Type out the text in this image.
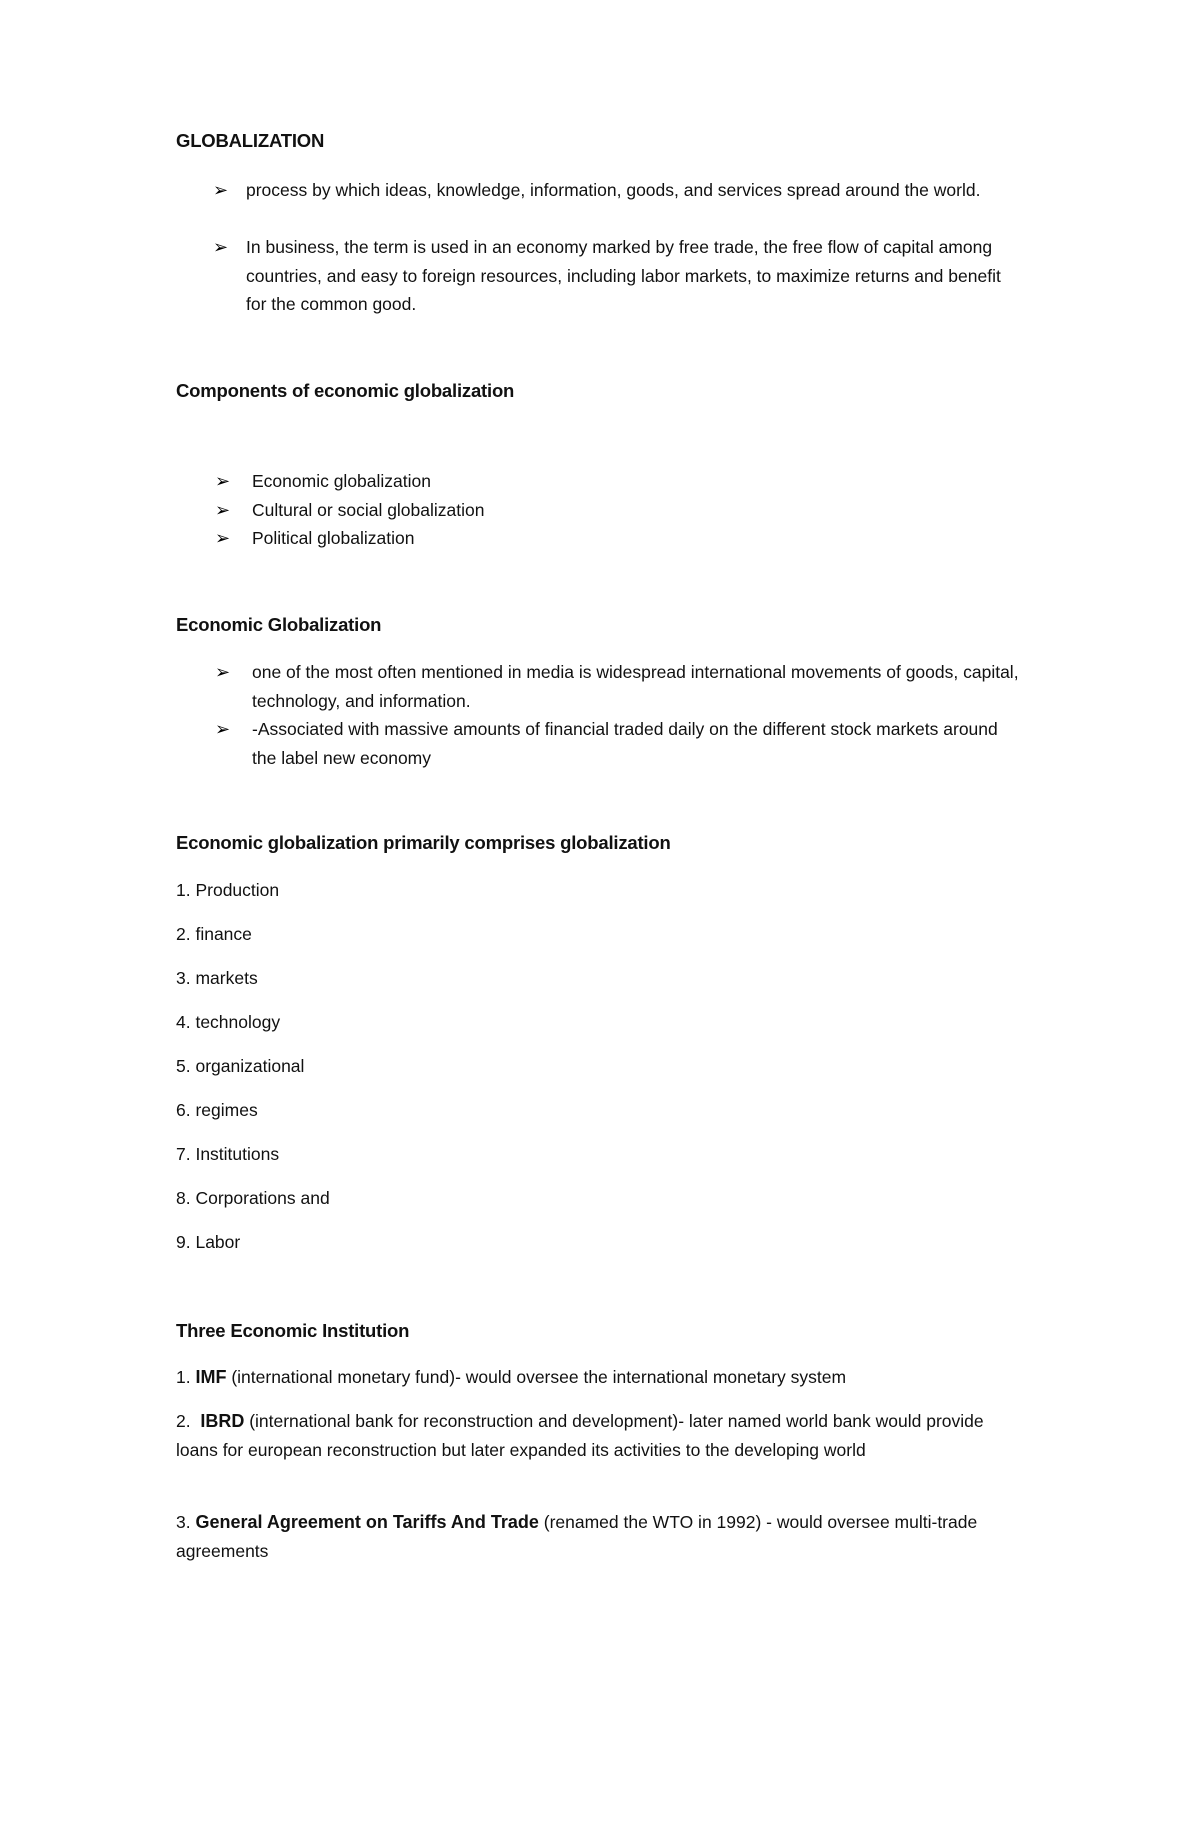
GLOBALIZATION
➢ process by which ideas, knowledge, information, goods, and services spread around the world.
➢ In business, the term is used in an economy marked by free trade, the free flow of capital among countries, and easy to foreign resources, including labor markets, to maximize returns and benefit for the common good.
Components of economic globalization
➢ Economic globalization
➢ Cultural or social globalization
➢ Political globalization
Economic Globalization
➢ one of the most often mentioned in media is widespread international movements of goods, capital, technology, and information.
➢ -Associated with massive amounts of financial traded daily on the different stock markets around the label new economy
Economic globalization primarily comprises globalization
1. Production
2. finance
3. markets
4. technology
5. organizational
6. regimes
7. Institutions
8. Corporations and
9. Labor
Three Economic Institution
1. IMF (international monetary fund)- would oversee the international monetary system
2.  IBRD (international bank for reconstruction and development)- later named world bank would provide loans for european reconstruction but later expanded its activities to the developing world
3. General Agreement on Tariffs And Trade (renamed the WTO in 1992) - would oversee multi-trade agreements
